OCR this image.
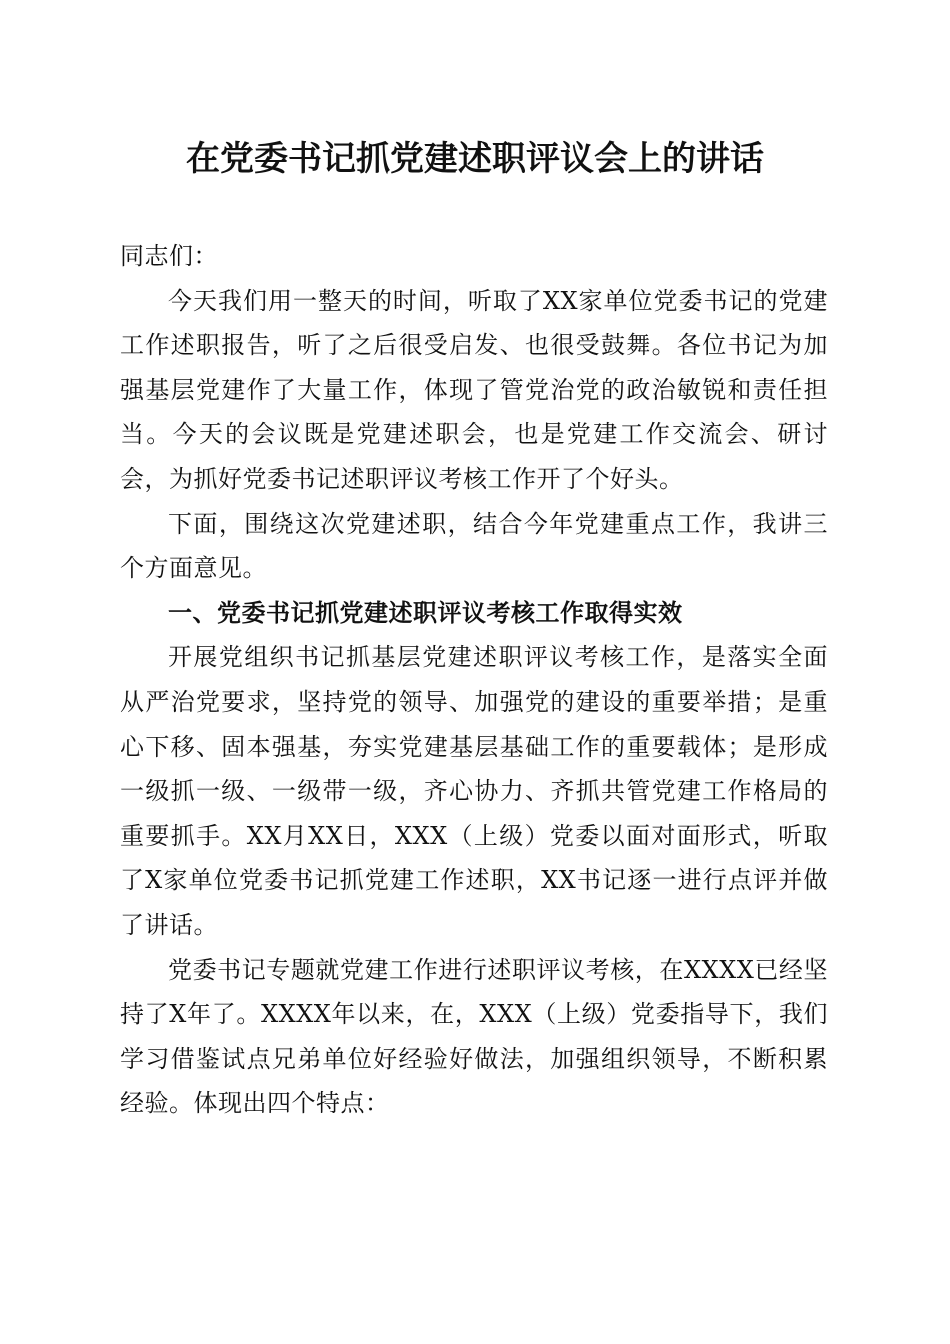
在党委书记抓党建述职评议会上的讲话

同志们：

今天我们用一整天的时间，听取了XX家单位党委书记的党建工作述职报告，听了之后很受启发、也很受鼓舞。各位书记为加强基层党建作了大量工作，体现了管党治党的政治敏锐和责任担当。今天的会议既是党建述职会，也是党建工作交流会、研讨会，为抓好党委书记述职评议考核工作开了个好头。

下面，围绕这次党建述职，结合今年党建重点工作，我讲三个方面意见。

一、党委书记抓党建述职评议考核工作取得实效

开展党组织书记抓基层党建述职评议考核工作，是落实全面从严治党要求，坚持党的领导、加强党的建设的重要举措；是重心下移、固本强基，夯实党建基层基础工作的重要载体；是形成一级抓一级、一级带一级，齐心协力、齐抓共管党建工作格局的重要抓手。XX月XX日，XXX（上级）党委以面对面形式，听取了X家单位党委书记抓党建工作述职，XX书记逐一进行点评并做了讲话。

党委书记专题就党建工作进行述职评议考核，在XXXX已经坚持了X年了。XXXX年以来，在，XXX（上级）党委指导下，我们学习借鉴试点兄弟单位好经验好做法，加强组织领导，不断积累经验。体现出四个特点：
